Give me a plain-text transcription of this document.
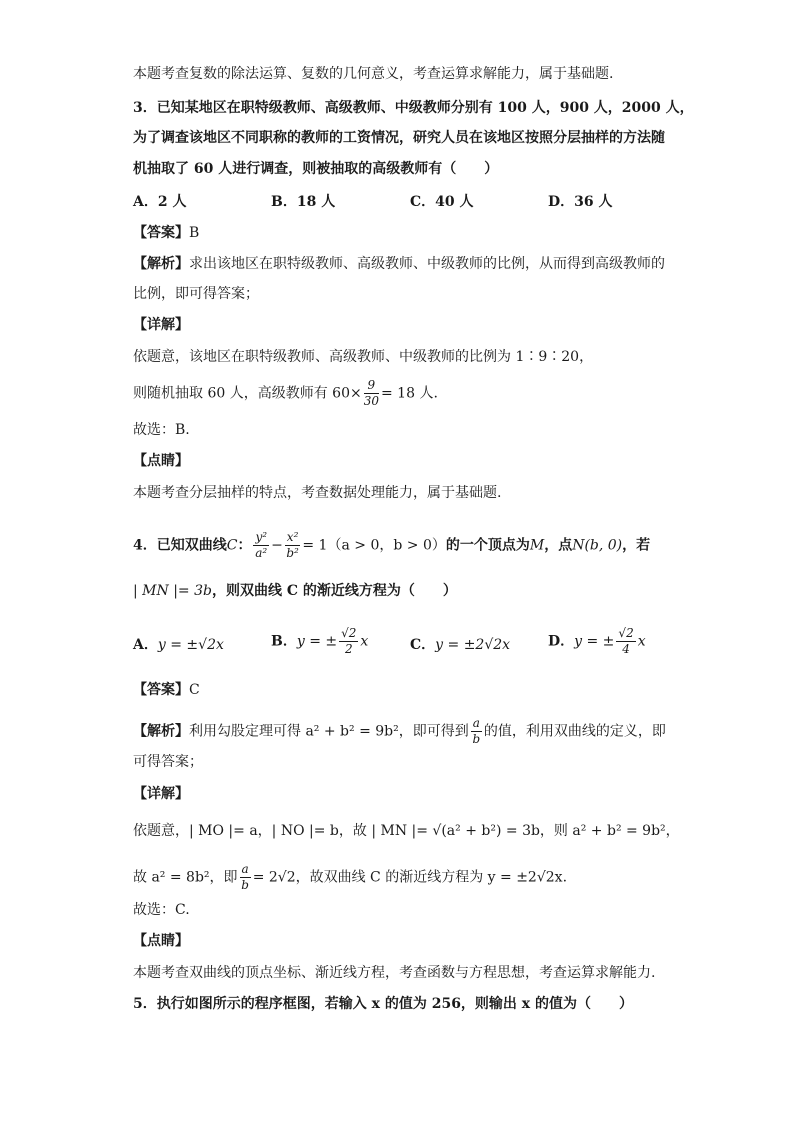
本题考查复数的除法运算、复数的几何意义，考查运算求解能力，属于基础题.
3．已知某地区在职特级教师、高级教师、中级教师分别有 100 人，900 人，2000 人，
为了调查该地区不同职称的教师的工资情况，研究人员在该地区按照分层抽样的方法随
机抽取了 60 人进行调查，则被抽取的高级教师有（　　）
A．2 人	B．18 人	C．40 人	D．36 人
【答案】B
【解析】求出该地区在职特级教师、高级教师、中级教师的比例，从而得到高级教师的
比例，即可得答案；
【详解】
依题意，该地区在职特级教师、高级教师、中级教师的比例为 1∶9∶20，
则随机抽取 60 人，高级教师有 $60\times \frac{9}{30} = 18$ 人.
故选：B.
【点睛】
本题考查分层抽样的特点，考查数据处理能力，属于基础题.
4．已知双曲线C： $\frac{\text{y²}}{\text{a²}} - \frac{\text{x²}}{\text{b²}} = 1(a > 0$，b > 0）的一个顶点为M，点N(b, 0)，若
| MN |= 3b，则双曲线 C 的渐近线方程为（　　）
A．y = ±√2x	B．y = ± $\frac{√2}{2}$ x	C．y = ±2√2x	D．y = ± $\frac{√2}{4}$ x
【答案】C
【解析】利用勾股定理可得 a² + b² = 9b²，即可得到 $\frac{a}{b}$ 的值，利用双曲线的定义，即
可得答案；
【详解】
依题意，| MO |= a，| NO |= b，故 | MN |= √(a² + b²) = 3b，则 a² + b² = 9b²，
故 a² = 8b²，即 $\frac{a}{b} = 2√2$，故双曲线 C 的渐近线方程为 y = ±2√2x.
故选：C.
【点睛】
本题考查双曲线的顶点坐标、渐近线方程，考查函数与方程思想，考查运算求解能力.
5．执行如图所示的程序框图，若输入 x 的值为 256，则输出 x 的值为（　　）
